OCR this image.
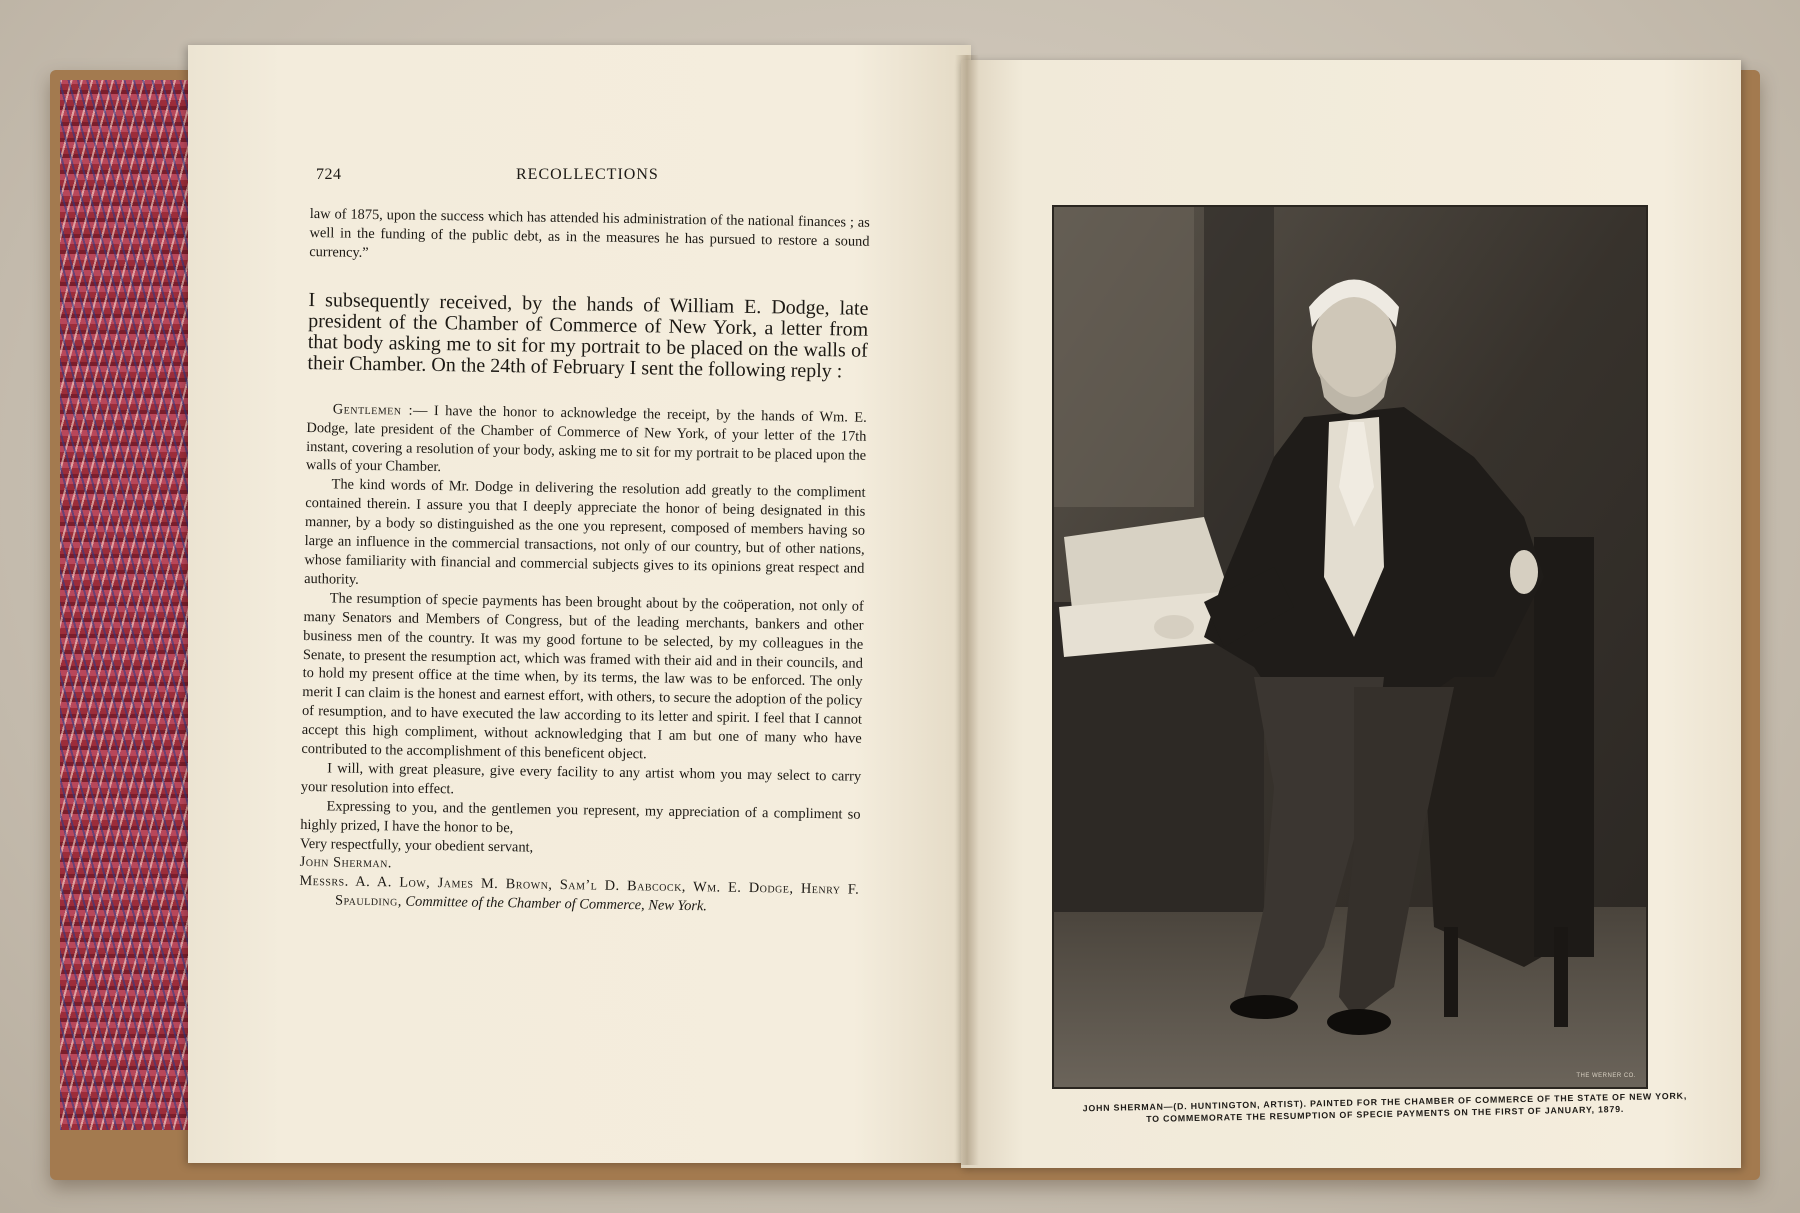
724	RECOLLECTIONS
law of 1875, upon the success which has attended his administration of the national finances ; as well in the funding of the public debt, as in the measures he has pursued to restore a sound currency.”
I subsequently received, by the hands of William E. Dodge, late president of the Chamber of Commerce of New York, a letter from that body asking me to sit for my portrait to be placed on the walls of their Chamber. On the 24th of February I sent the following reply :

Gentlemen :— I have the honor to acknowledge the receipt, by the hands of Wm. E. Dodge, late president of the Chamber of Commerce of New York, of your letter of the 17th instant, covering a resolution of your body, asking me to sit for my portrait to be placed upon the walls of your Chamber.

The kind words of Mr. Dodge in delivering the resolution add greatly to the compliment contained therein. I assure you that I deeply appreciate the honor of being designated in this manner, by a body so distinguished as the one you represent, composed of members having so large an influence in the commercial transactions, not only of our country, but of other nations, whose familiarity with financial and commercial subjects gives to its opinions great respect and authority.

The resumption of specie payments has been brought about by the coöperation, not only of many Senators and Members of Congress, but of the leading merchants, bankers and other business men of the country. It was my good fortune to be selected, by my colleagues in the Senate, to present the resumption act, which was framed with their aid and in their councils, and to hold my present office at the time when, by its terms, the law was to be enforced. The only merit I can claim is the honest and earnest effort, with others, to secure the adoption of the policy of resumption, and to have executed the law according to its letter and spirit. I feel that I cannot accept this high compliment, without acknowledging that I am but one of many who have contributed to the accomplishment of this beneficent object.

I will, with great pleasure, give every facility to any artist whom you may select to carry your resolution into effect.

Expressing to you, and the gentlemen you represent, my appreciation of a compliment so highly prized, I have the honor to be,

Very respectfully, your obedient servant,

John Sherman.

Messrs. A. A. Low, James M. Brown, Sam’l D. Babcock, Wm. E. Dodge, Henry F. Spaulding, Committee of the Chamber of Commerce, New York.

THE WERNER CO.
JOHN SHERMAN—(D. HUNTINGTON, ARTIST). PAINTED FOR THE CHAMBER OF COMMERCE OF THE STATE OF NEW YORK, TO COMMEMORATE THE RESUMPTION OF SPECIE PAYMENTS ON THE FIRST OF JANUARY, 1879.
